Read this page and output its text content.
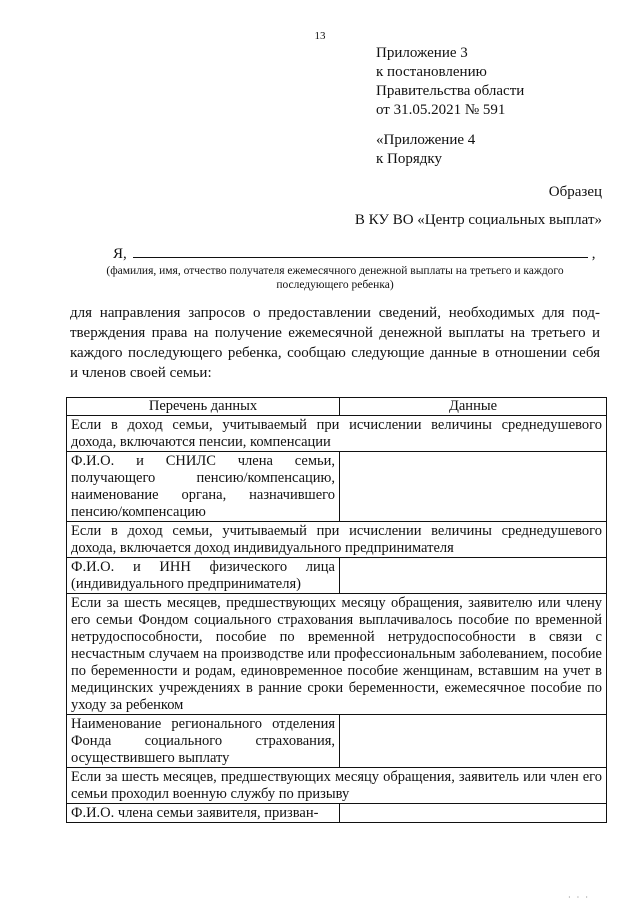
13
Приложение 3
к постановлению
Правительства области
от 31.05.2021 № 591
«Приложение 4
к Порядку
Образец
В КУ ВО «Центр социальных выплат»
Я,	,
(фамилия, имя, отчество получателя ежемесячного денежной выплаты на третьего и каждого
последующего ребенка)
для направления запросов о предоставлении сведений, необходимых для под-
тверждения права на получение ежемесячной денежной выплаты на третьего и
каждого последующего ребенка, сообщаю следующие данные в отношении себя
и членов своей семьи:
Перечень данных	Данные
Если в доход семьи, учитываемый при исчислении величины среднедушевого дохода, включаются пенсии, компенсации	
Ф.И.О. и СНИЛС члена семьи, получающего пенсию/компенсацию, наименование органа, назначившего пенсию/компенсацию	
Если в доход семьи, учитываемый при исчислении величины среднедушевого дохода, включается доход индивидуального предпринимателя	
Ф.И.О. и ИНН физического лица (индивидуального предпринимателя)	
Если за шесть месяцев, предшествующих месяцу обращения, заявителю или члену его семьи Фондом социального страхования выплачивалось пособие по временной нетрудоспособности, пособие по временной нетрудоспособности в связи с несчастным случаем на производстве или профессиональным заболеванием, пособие по беременности и родам, единовременное пособие женщинам, вставшим на учет в медицинских учреждениях в ранние сроки беременности, ежемесячное пособие по уходу за ребенком	
Наименование регионального отделения Фонда социального страхования, осуществившего выплату	
Если за шесть месяцев, предшествующих месяцу обращения, заявитель или член его семьи проходил военную службу по призыву	
Ф.И.О. члена семьи заявителя, призван-	
· · ·
